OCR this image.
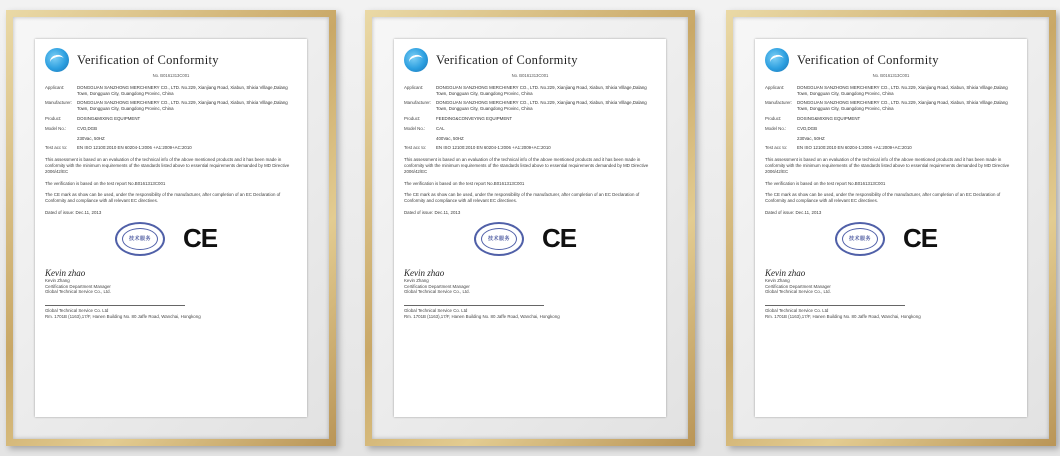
Verification of Conformity
No. B0161313C001
Applicant:	DONGGUAN SANZHONG MERCHINERY CO., LTD. No.229, Xianjiang Road, Xiabun, Shixia Village,Dalang Town, Dongguan City, Guangdong Provinc, China
Manufacturer:	DONGGUAN SANZHONG MERCHINERY CO., LTD. No.229, Xianjiang Road, Xiabun, Shixia Village,Dalang Town, Dongguan City, Guangdong Provinc, China
Product:	DOSING&MIXING EQUIPMENT
Model No.:	CVD,DGB
230Vac, 50HZ
Test acc to:	EN ISO 12100:2010 EN 60204-1:2006 +A1:2009+AC:2010
This assessment is based on an evaluation of the technical info of the above mentioned products and it has been made in conformity with the minimum requirements of the standards listed above to essential requirements demanded by MD Directive 2006/42/EC
The verification is based on the test report No.B0161313C001
The CE mark as show can be used, under the responsibility of the manufacturer, after completion of an EC Declaration of Conformity and compliance with all relevant EC directives.
Dated of issue: Dec.11, 2013
技术服务	CE
Kevin zhao
Kevin Zhang
Certification Department Manager
Global Technical Service Co., Ltd.
Global Technical Service Co. Ltd
Rm. 1701B (1163),17/F, Hanen Building No. 80 Jaffe Road, Wanchai, Hongkong
Verification of Conformity
No. B0161313C001
Applicant:	DONGGUAN SANZHONG MERCHINERY CO., LTD. No.229, Xianjiang Road, Xiabun, Shixia Village,Dalang Town, Dongguan City, Guangdong Provinc, China
Manufacturer:	DONGGUAN SANZHONG MERCHINERY CO., LTD. No.229, Xianjiang Road, Xiabun, Shixia Village,Dalang Town, Dongguan City, Guangdong Provinc, China
Product:	FEEDING&CONVEYING EQUIPMENT
Model No.:	CAL
400Vac, 50HZ
Test acc to:	EN ISO 12100:2010 EN 60204-1:2006 +A1:2009+AC:2010
This assessment is based on an evaluation of the technical info of the above mentioned products and it has been made in conformity with the minimum requirements of the standards listed above to essential requirements demanded by MD Directive 2006/42/EC
The verification is based on the test report No.B0161313C001
The CE mark as show can be used, under the responsibility of the manufacturer, after completion of an EC Declaration of Conformity and compliance with all relevant EC directives.
Dated of issue: Dec.11, 2013
技术服务	CE
Kevin zhao
Kevin Zhang
Certification Department Manager
Global Technical Service Co., Ltd.
Global Technical Service Co. Ltd
Rm. 1701B (1163),17/F, Hanen Building No. 80 Jaffe Road, Wanchai, Hongkong
Verification of Conformity
No. B0161313C001
Applicant:	DONGGUAN SANZHONG MERCHINERY CO., LTD. No.229, Xianjiang Road, Xiabun, Shixia Village,Dalang Town, Dongguan City, Guangdong Provinc, China
Manufacturer:	DONGGUAN SANZHONG MERCHINERY CO., LTD. No.229, Xianjiang Road, Xiabun, Shixia Village,Dalang Town, Dongguan City, Guangdong Provinc, China
Product:	DOSING&MIXING EQUIPMENT
Model No.:	CVD,DGB
230Vac, 50HZ
Test acc to:	EN ISO 12100:2010 EN 60204-1:2006 +A1:2009+AC:2010
This assessment is based on an evaluation of the technical info of the above mentioned products and it has been made in conformity with the minimum requirements of the standards listed above to essential requirements demanded by MD Directive 2006/42/EC
The verification is based on the test report No.B0161313C001
The CE mark as show can be used, under the responsibility of the manufacturer, after completion of an EC Declaration of Conformity and compliance with all relevant EC directives.
Dated of issue: Dec.11, 2013
技术服务	CE
Kevin zhao
Kevin Zhang
Certification Department Manager
Global Technical Service Co., Ltd.
Global Technical Service Co. Ltd
Rm. 1701B (1163),17/F, Hanen Building No. 80 Jaffe Road, Wanchai, Hongkong
